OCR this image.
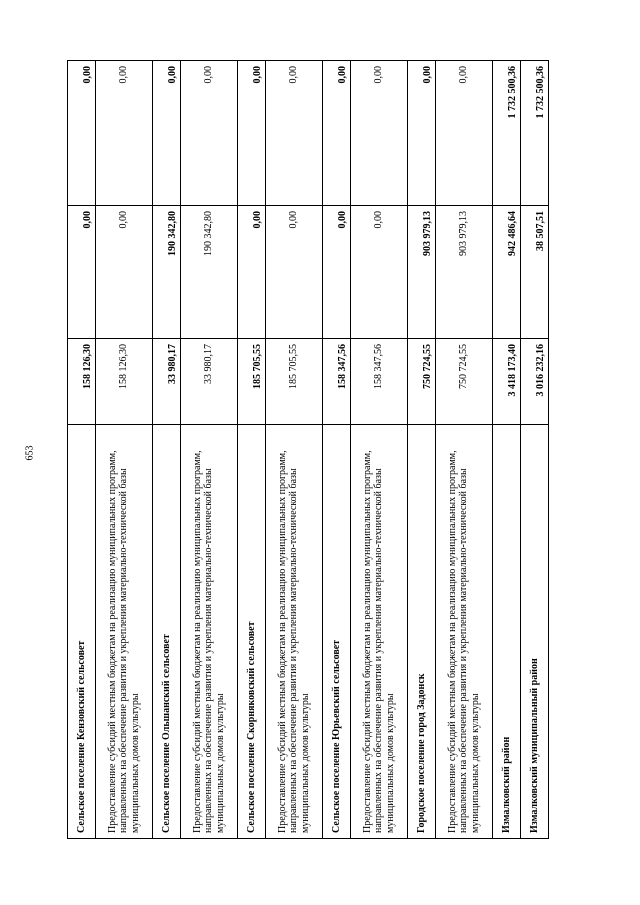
653
Сельское поселение Кензовский сельсовет	158 126,30	0,00	0,00
Предоставление субсидий местным бюджетам на реализацию муниципальных программ, направленных на обеспечение развития и укрепления материально-технической базы муниципальных домов культуры	158 126,30	0,00	0,00
Сельское поселение Ольшанский сельсовет	33 980,17	190 342,80	0,00
Предоставление субсидий местным бюджетам на реализацию муниципальных программ, направленных на обеспечение развития и укрепления материально-технической базы муниципальных домов культуры	33 980,17	190 342,80	0,00
Сельское поселение Скорняковский сельсовет	185 705,55	0,00	0,00
Предоставление субсидий местным бюджетам на реализацию муниципальных программ, направленных на обеспечение развития и укрепления материально-технической базы муниципальных домов культуры	185 705,55	0,00	0,00
Сельское поселение Юрьевский сельсовет	158 347,56	0,00	0,00
Предоставление субсидий местным бюджетам на реализацию муниципальных программ, направленных на обеспечение развития и укрепления материально-технической базы муниципальных домов культуры	158 347,56	0,00	0,00
Городское поселение город Задонск	750 724,55	903 979,13	0,00
Предоставление субсидий местным бюджетам на реализацию муниципальных программ, направленных на обеспечение развития и укрепления материально-технической базы муниципальных домов культуры	750 724,55	903 979,13	0,00
Измалковский район	3 418 173,40	942 486,64	1 732 500,36
Измалковский муниципальный район	3 016 232,16	38 507,51	1 732 500,36
